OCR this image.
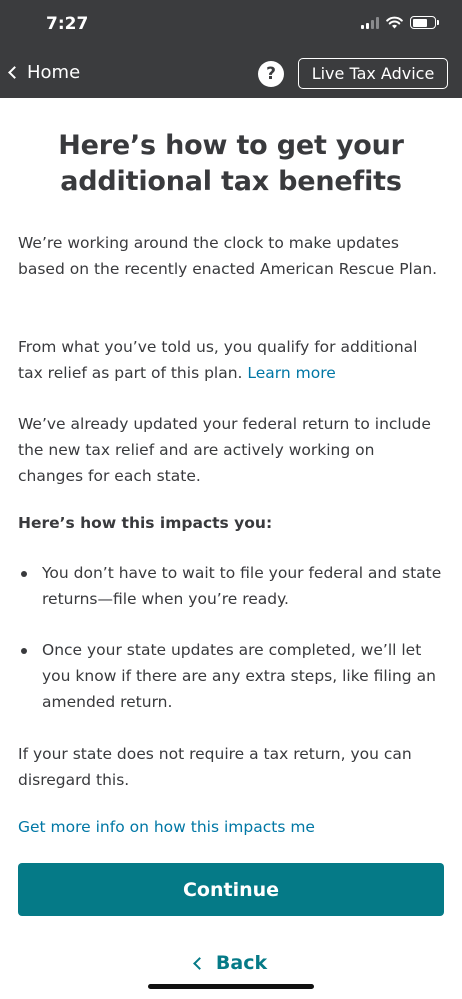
7:27
Home	?	Live Tax Advice
Here’s how to get your additional tax benefits

We’re working around the clock to make updates based on the recently enacted American Rescue Plan.

From what you’ve told us, you qualify for additional tax relief as part of this plan. Learn more

We’ve already updated your federal return to include the new tax relief and are actively working on changes for each state.

Here’s how this impacts you:
You don’t have to wait to file your federal and state returns—file when you’re ready.
Once your state updates are completed, we’ll let you know if there are any extra steps, like filing an amended return.

If your state does not require a tax return, you can disregard this.

Get more info on how this impacts me
Continue
Back
